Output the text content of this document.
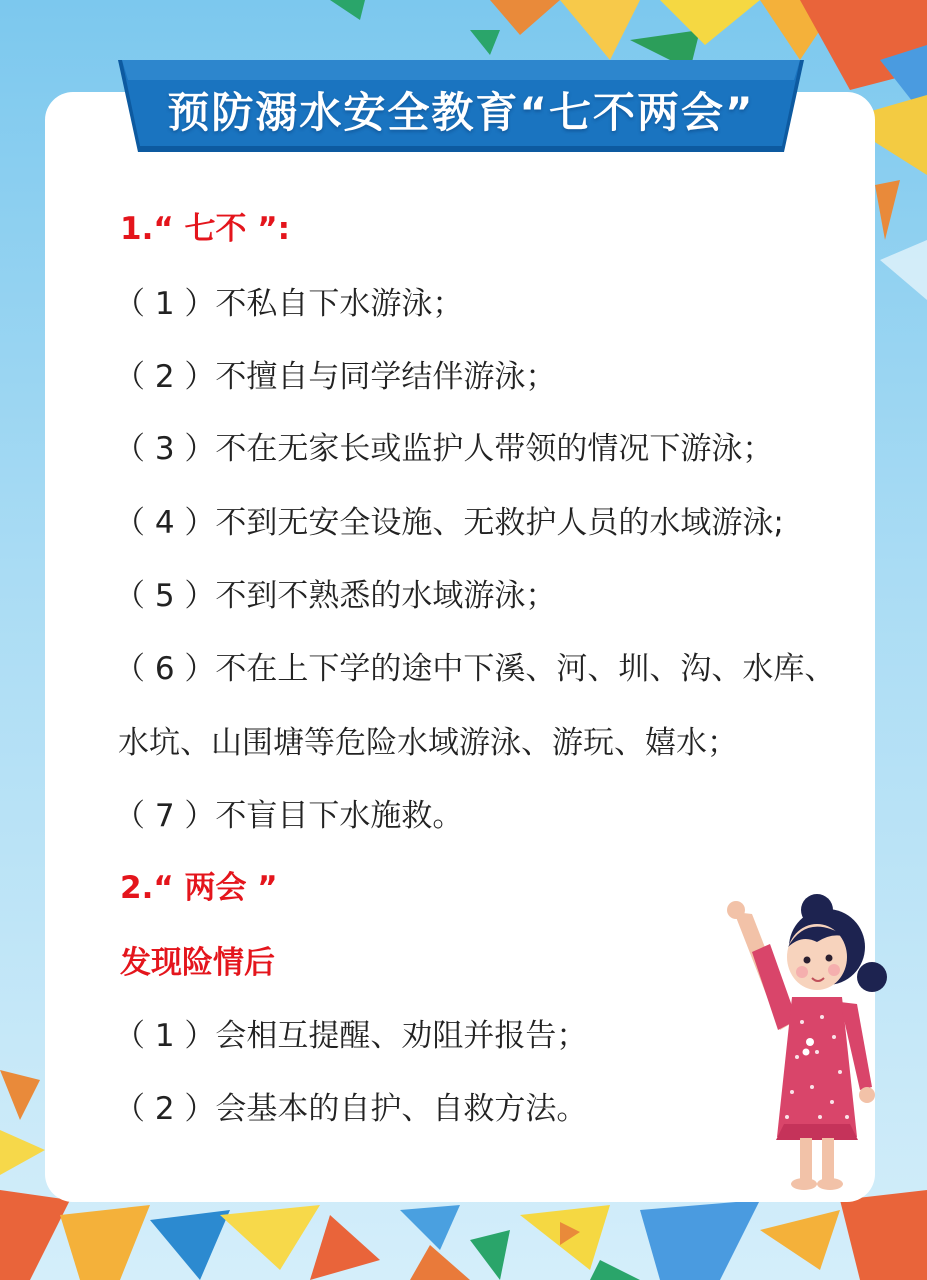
预防溺水安全教育“七不两会”
1.“ 七不 ”:
（ 1 ）不私自下水游泳；
（ 2 ）不擅自与同学结伴游泳；
（ 3 ）不在无家长或监护人带领的情况下游泳；
（ 4 ）不到无安全设施、无救护人员的水域游泳;
（ 5 ）不到不熟悉的水域游泳；
（ 6 ）不在上下学的途中下溪、河、圳、沟、水库、
水坑、山围塘等危险水域游泳、游玩、嬉水；
（ 7 ）不盲目下水施救。
2.“ 两会 ”
发现险情后
（ 1 ）会相互提醒、劝阻并报告；
（ 2 ）会基本的自护、自救方法。
